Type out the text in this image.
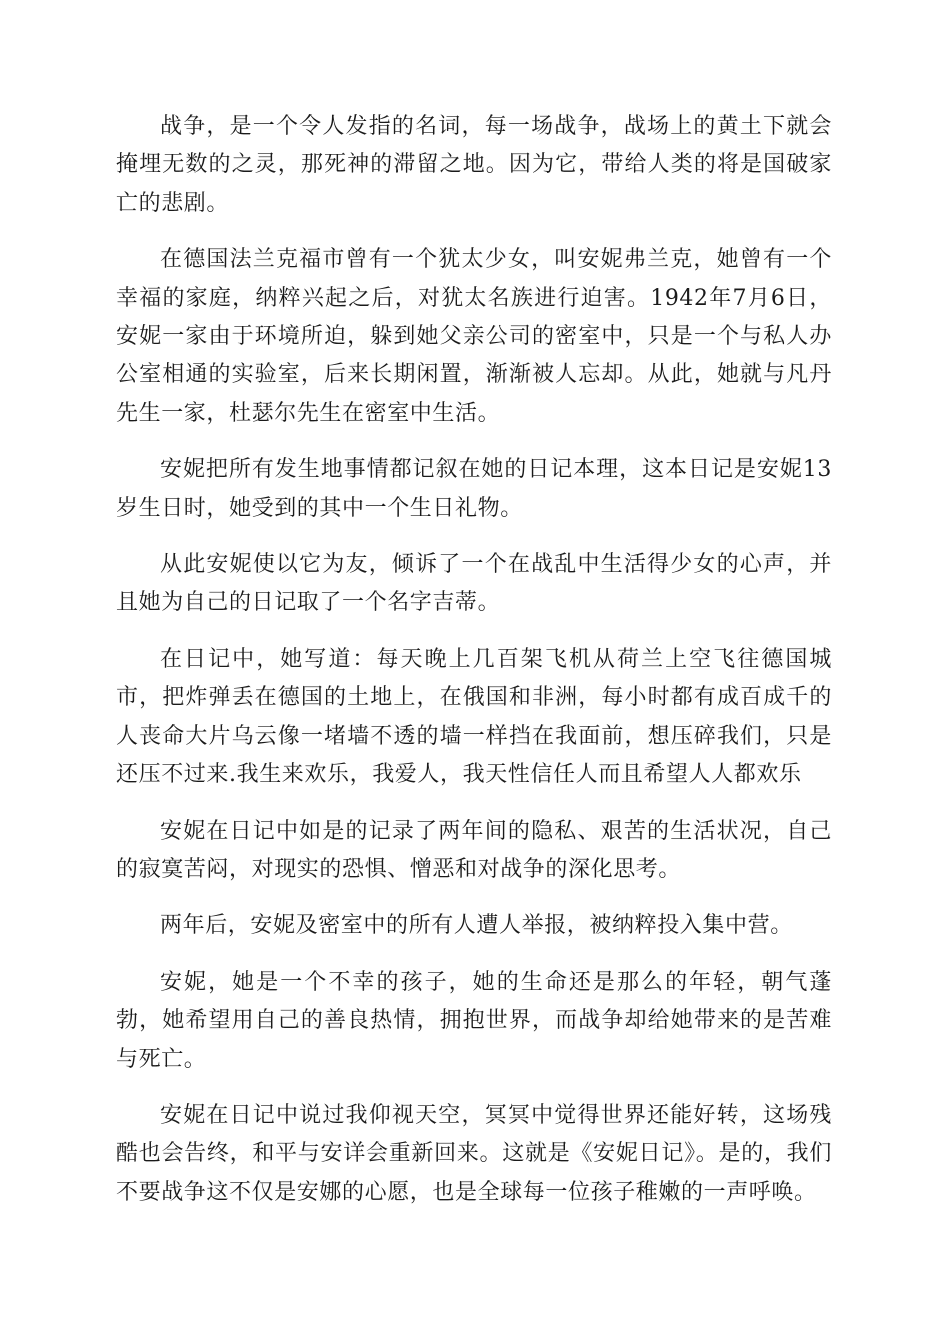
战争，是一个令人发指的名词，每一场战争，战场上的黄土下就会掩埋无数的之灵，那死神的滞留之地。因为它，带给人类的将是国破家亡的悲剧。

在德国法兰克福市曾有一个犹太少女，叫安妮弗兰克，她曾有一个幸福的家庭，纳粹兴起之后，对犹太名族进行迫害。1942年7月6日，安妮一家由于环境所迫，躲到她父亲公司的密室中，只是一个与私人办公室相通的实验室，后来长期闲置，渐渐被人忘却。从此，她就与凡丹先生一家，杜瑟尔先生在密室中生活。

安妮把所有发生地事情都记叙在她的日记本理，这本日记是安妮13岁生日时，她受到的其中一个生日礼物。

从此安妮使以它为友，倾诉了一个在战乱中生活得少女的心声，并且她为自己的日记取了一个名字吉蒂。

在日记中，她写道：每天晚上几百架飞机从荷兰上空飞往德国城市，把炸弹丢在德国的土地上，在俄国和非洲，每小时都有成百成千的人丧命大片乌云像一堵墙不透的墙一样挡在我面前，想压碎我们，只是还压不过来.我生来欢乐，我爱人，我天性信任人而且希望人人都欢乐

安妮在日记中如是的记录了两年间的隐私、艰苦的生活状况，自己的寂寞苦闷，对现实的恐惧、憎恶和对战争的深化思考。

两年后，安妮及密室中的所有人遭人举报，被纳粹投入集中营。

安妮，她是一个不幸的孩子，她的生命还是那么的年轻，朝气蓬勃，她希望用自己的善良热情，拥抱世界，而战争却给她带来的是苦难与死亡。

安妮在日记中说过我仰视天空，冥冥中觉得世界还能好转，这场残酷也会告终，和平与安详会重新回来。这就是《安妮日记》。是的，我们不要战争这不仅是安娜的心愿，也是全球每一位孩子稚嫩的一声呼唤。
